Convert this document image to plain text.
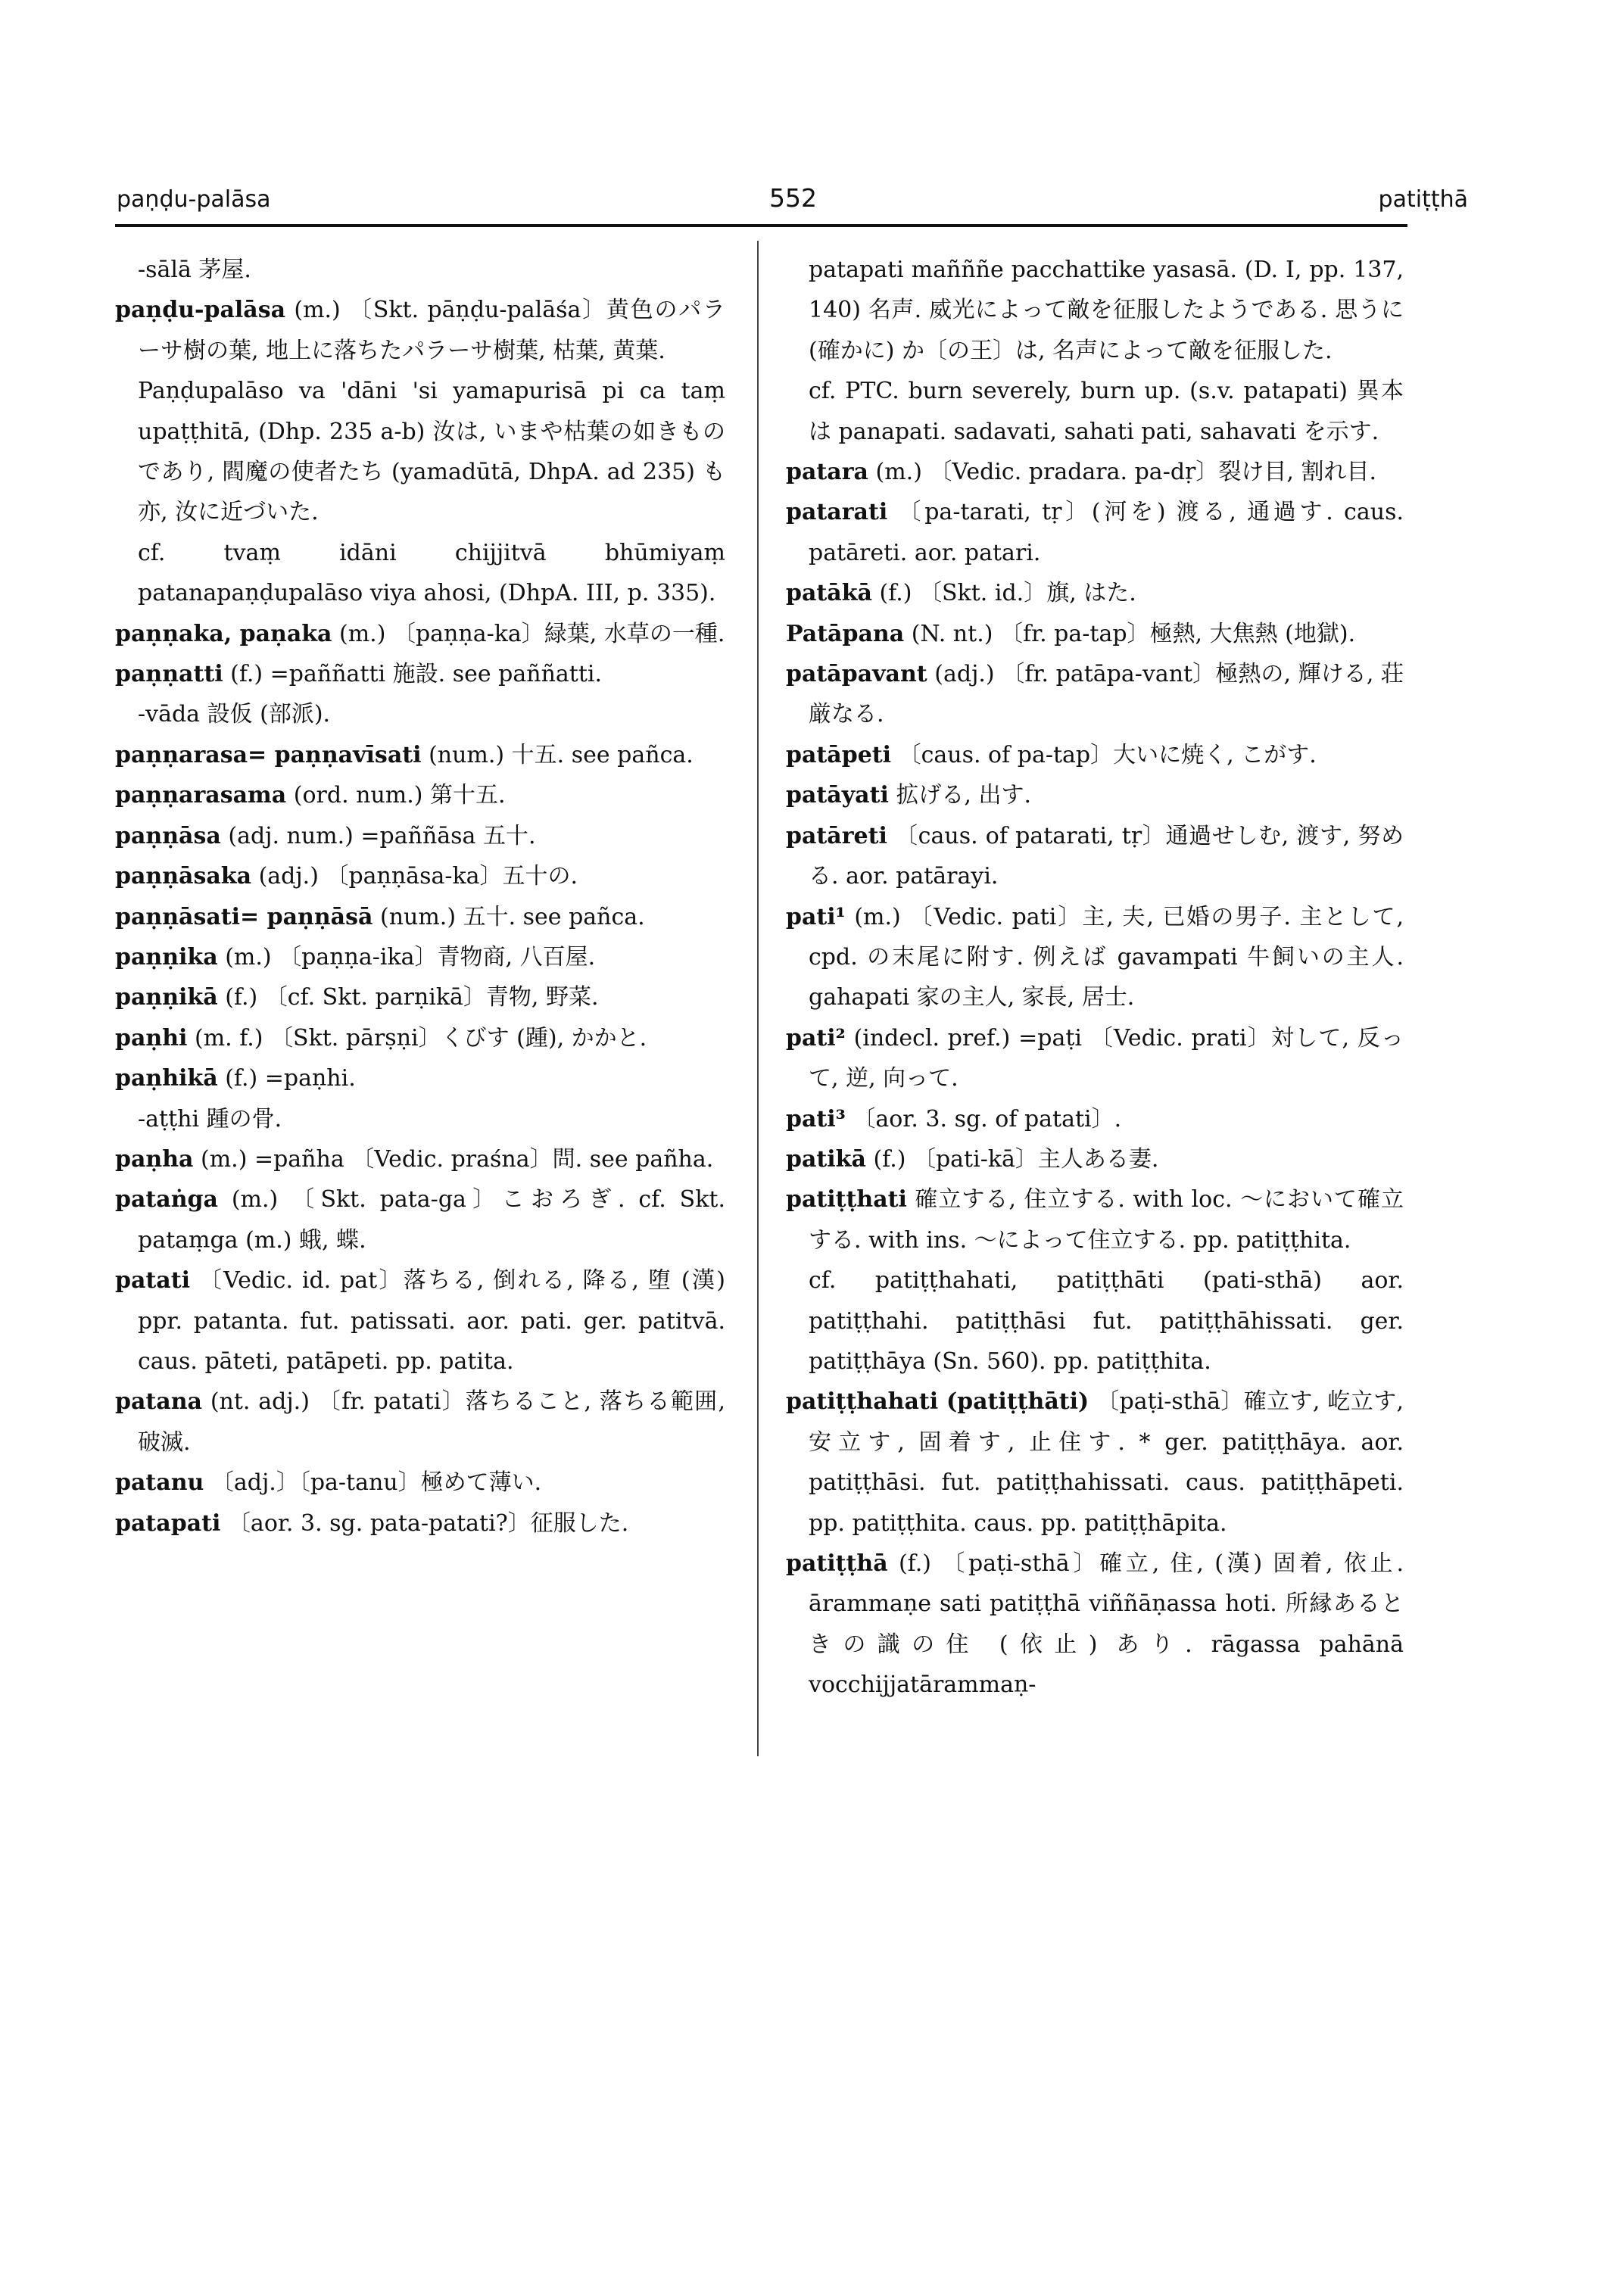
paṇḍu-palāsa	552	patiṭṭhā
-sālā 茅屋.
paṇḍu-palāsa (m.) 〔Skt. pāṇḍu-palāśa〕黄色のパラーサ樹の葉, 地上に落ちたパラーサ樹葉, 枯葉, 黄葉.
Paṇḍupalāso va 'dāni 'si yamapurisā pi ca taṃ upaṭṭhitā, (Dhp. 235 a-b) 汝は, いまや枯葉の如きものであり, 閻魔の使者たち (yamadūtā, DhpA. ad 235) も亦, 汝に近づいた.
cf. tvaṃ idāni chijjitvā bhūmiyaṃ patanapaṇḍupalāso viya ahosi, (DhpA. III, p. 335).
paṇṇaka, paṇaka (m.) 〔paṇṇa-ka〕緑葉, 水草の一種.
paṇṇatti (f.) =paññatti 施設. see paññatti.
-vāda 設仮 (部派).
paṇṇarasa= paṇṇavīsati (num.) 十五. see pañca.
paṇṇarasama (ord. num.) 第十五.
paṇṇāsa (adj. num.) =paññāsa 五十.
paṇṇāsaka (adj.) 〔paṇṇāsa-ka〕五十の.
paṇṇāsati= paṇṇāsā (num.) 五十. see pañca.
paṇṇika (m.) 〔paṇṇa-ika〕青物商, 八百屋.
paṇṇikā (f.) 〔cf. Skt. parṇikā〕青物, 野菜.
paṇhi (m. f.) 〔Skt. pārṣṇi〕くびす (踵), かかと.
paṇhikā (f.) =paṇhi.
-aṭṭhi 踵の骨.
paṇha (m.) =pañha 〔Vedic. praśna〕問. see pañha.
pataṅga (m.) 〔Skt. pata-ga〕こおろぎ. cf. Skt. pataṃga (m.) 蛾, 蝶.
patati 〔Vedic. id. pat〕落ちる, 倒れる, 降る, 堕 (漢) ppr. patanta. fut. patissati. aor. pati. ger. patitvā. caus. pāteti, patāpeti. pp. patita.
patana (nt. adj.) 〔fr. patati〕落ちること, 落ちる範囲, 破滅.
patanu 〔adj.〕〔pa-tanu〕極めて薄い.
patapati 〔aor. 3. sg. pata-patati?〕征服した.
patapati mañññe pacchattike yasasā. (D. I, pp. 137, 140) 名声. 威光によって敵を征服したようである. 思うに (確かに) か〔の王〕は, 名声によって敵を征服した.
cf. PTC. burn severely, burn up. (s.v. patapati) 異本は panapati. sadavati, sahati pati, sahavati を示す.
patara (m.) 〔Vedic. pradara. pa-dṛ〕裂け目, 割れ目.
patarati 〔pa-tarati, tṛ〕(河を) 渡る, 通過す. caus. patāreti. aor. patari.
patākā (f.) 〔Skt. id.〕旗, はた.
Patāpana (N. nt.) 〔fr. pa-tap〕極熱, 大焦熱 (地獄).
patāpavant (adj.) 〔fr. patāpa-vant〕極熱の, 輝ける, 荘厳なる.
patāpeti 〔caus. of pa-tap〕大いに焼く, こがす.
patāyati 拡げる, 出す.
patāreti 〔caus. of patarati, tṛ〕通過せしむ, 渡す, 努める. aor. patārayi.
pati¹ (m.) 〔Vedic. pati〕主, 夫, 已婚の男子. 主として, cpd. の末尾に附す. 例えば gavampati 牛飼いの主人. gahapati 家の主人, 家長, 居士.
pati² (indecl. pref.) =paṭi 〔Vedic. prati〕対して, 反って, 逆, 向って.
pati³ 〔aor. 3. sg. of patati〕.
patikā (f.) 〔pati-kā〕主人ある妻.
patiṭṭhati 確立する, 住立する. with loc. ～において確立する. with ins. ～によって住立する. pp. patiṭṭhita.
cf. patiṭṭhahati, patiṭṭhāti (pati-sthā) aor. patiṭṭhahi. patiṭṭhāsi fut. patiṭṭhāhissati. ger. patiṭṭhāya (Sn. 560). pp. patiṭṭhita.
patiṭṭhahati (patiṭṭhāti) 〔paṭi-sthā〕確立す, 屹立す, 安立す, 固着す, 止住す. * ger. patiṭṭhāya. aor. patiṭṭhāsi. fut. patiṭṭhahissati. caus. patiṭṭhāpeti. pp. patiṭṭhita. caus. pp. patiṭṭhāpita.
patiṭṭhā (f.) 〔paṭi-sthā〕確立, 住, (漢) 固着, 依止. ārammaṇe sati patiṭṭhā viññāṇassa hoti. 所縁あるときの識の住 (依止) あり. rāgassa pahānā vocchijjatārammaṇ-
